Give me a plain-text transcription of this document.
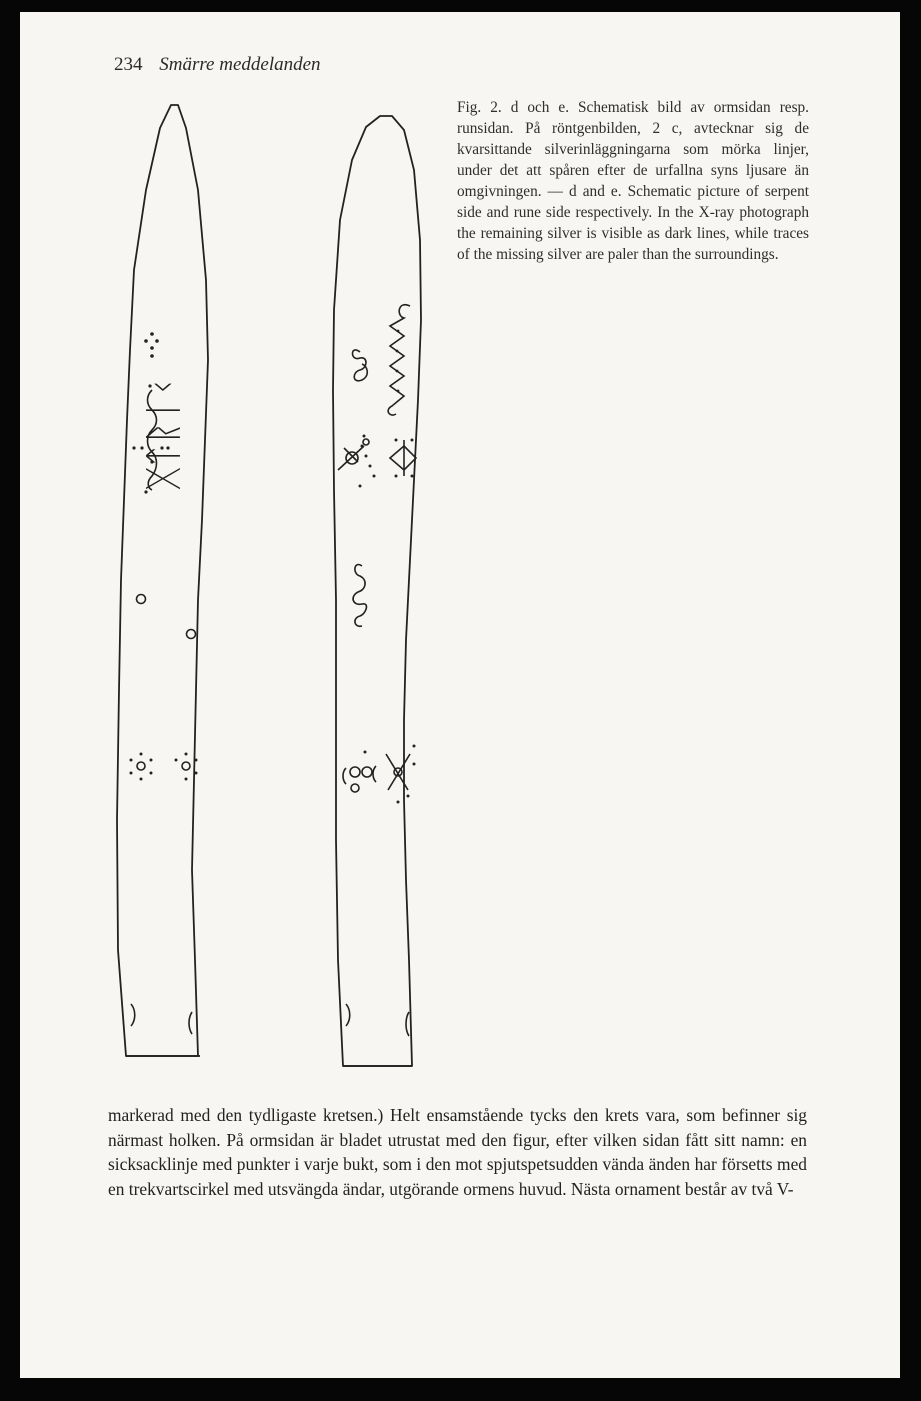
234 Smärre meddelanden
ᚷᛏᚱᛁᚲ

Fig. 2. d och e. Schematisk bild av ormsidan resp. runsidan. På röntgenbilden, 2 c, avtecknar sig de kvarsittande silverinläggningarna som mörka linjer, under det att spåren efter de urfallna syns ljusare än omgivningen. — d and e. Schematic picture of serpent side and rune side respectively. In the X-ray photograph the remaining silver is visible as dark lines, while traces of the missing silver are paler than the surroundings.

markerad med den tydligaste kretsen.) Helt ensamstående tycks den krets vara, som befinner sig närmast holken. På ormsidan är bladet utrustat med den figur, efter vilken sidan fått sitt namn: en sicksacklinje med punkter i varje bukt, som i den mot spjutspetsudden vända änden har försetts med en trekvartscirkel med utsvängda ändar, utgörande ormens huvud. Nästa ornament består av två V-
